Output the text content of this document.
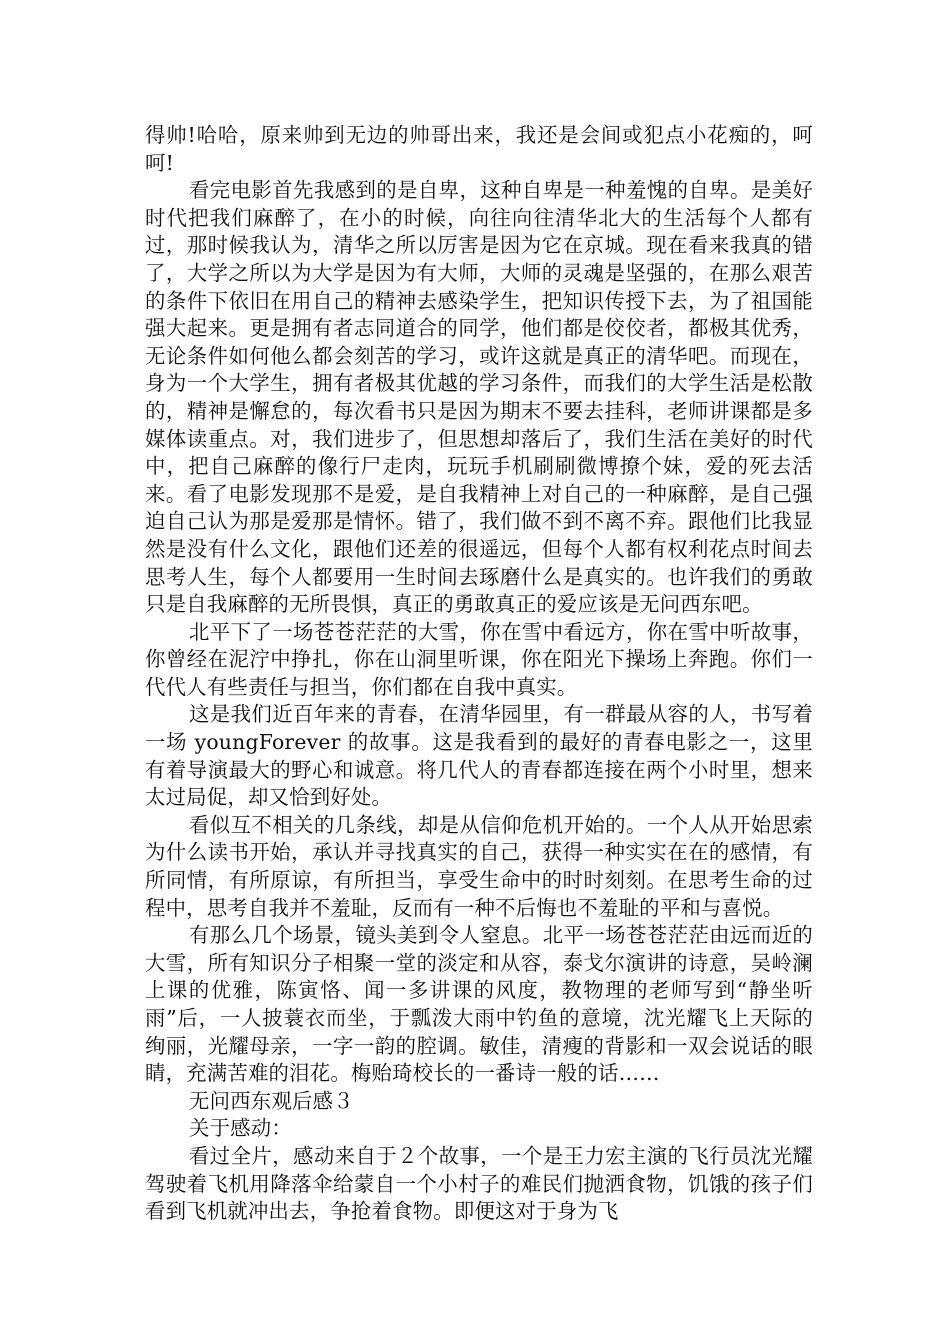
得帅!哈哈，原来帅到无边的帅哥出来，我还是会间或犯点小花痴的，呵呵!

看完电影首先我感到的是自卑，这种自卑是一种羞愧的自卑。是美好时代把我们麻醉了，在小的时候，向往向往清华北大的生活每个人都有过，那时候我认为，清华之所以厉害是因为它在京城。现在看来我真的错了，大学之所以为大学是因为有大师，大师的灵魂是坚强的，在那么艰苦的条件下依旧在用自己的精神去感染学生，把知识传授下去，为了祖国能强大起来。更是拥有者志同道合的同学，他们都是佼佼者，都极其优秀，无论条件如何他么都会刻苦的学习，或许这就是真正的清华吧。而现在，身为一个大学生，拥有者极其优越的学习条件，而我们的大学生活是松散的，精神是懈怠的，每次看书只是因为期末不要去挂科，老师讲课都是多媒体读重点。对，我们进步了，但思想却落后了，我们生活在美好的时代中，把自己麻醉的像行尸走肉，玩玩手机刷刷微博撩个妹，爱的死去活来。看了电影发现那不是爱，是自我精神上对自己的一种麻醉，是自己强迫自己认为那是爱那是情怀。错了，我们做不到不离不弃。跟他们比我显然是没有什么文化，跟他们还差的很遥远，但每个人都有权利花点时间去思考人生，每个人都要用一生时间去琢磨什么是真实的。也许我们的勇敢只是自我麻醉的无所畏惧，真正的勇敢真正的爱应该是无问西东吧。

北平下了一场苍苍茫茫的大雪，你在雪中看远方，你在雪中听故事，你曾经在泥泞中挣扎，你在山洞里听课，你在阳光下操场上奔跑。你们一代代人有些责任与担当，你们都在自我中真实。

这是我们近百年来的青春，在清华园里，有一群最从容的人，书写着一场 youngForever 的故事。这是我看到的最好的青春电影之一，这里有着导演最大的野心和诚意。将几代人的青春都连接在两个小时里，想来太过局促，却又恰到好处。

看似互不相关的几条线，却是从信仰危机开始的。一个人从开始思索为什么读书开始，承认并寻找真实的自己，获得一种实实在在的感情，有所同情，有所原谅，有所担当，享受生命中的时时刻刻。在思考生命的过程中，思考自我并不羞耻，反而有一种不后悔也不羞耻的平和与喜悦。

有那么几个场景，镜头美到令人窒息。北平一场苍苍茫茫由远而近的大雪，所有知识分子相聚一堂的淡定和从容，泰戈尔演讲的诗意，吴岭澜上课的优雅，陈寅恪、闻一多讲课的风度，教物理的老师写到“静坐听雨”后，一人披蓑衣而坐，于瓢泼大雨中钓鱼的意境，沈光耀飞上天际的绚丽，光耀母亲，一字一韵的腔调。敏佳，清瘦的背影和一双会说话的眼睛，充满苦难的泪花。梅贻琦校长的一番诗一般的话……

无问西东观后感３

关于感动：

看过全片，感动来自于２个故事，一个是王力宏主演的飞行员沈光耀驾驶着飞机用降落伞给蒙自一个小村子的难民们抛洒食物，饥饿的孩子们看到飞机就冲出去，争抢着食物。即便这对于身为飞
